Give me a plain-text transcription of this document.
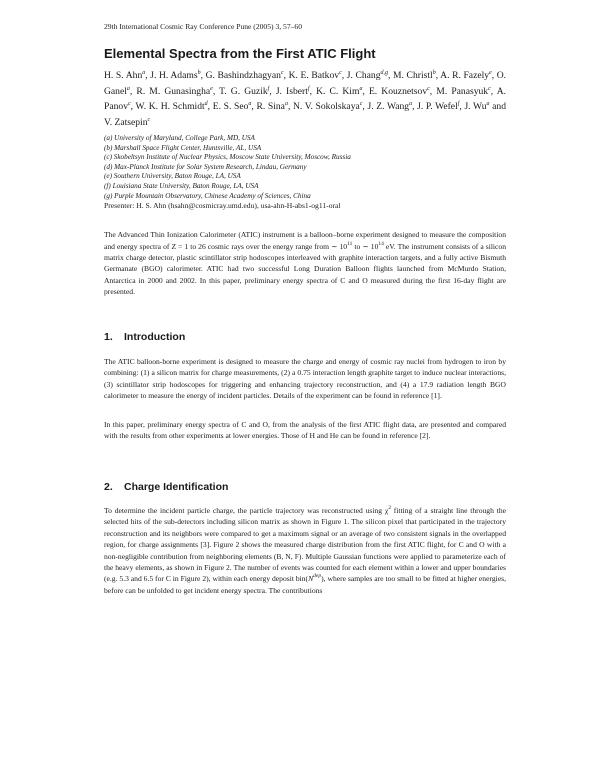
29th International Cosmic Ray Conference Pune (2005) 3, 57–60

Elemental Spectra from the First ATIC Flight

H. S. Ahn$^a$, J. H. Adams$^b$, G. Bashindzhagyan$^c$, K. E. Batkov$^c$, J. Chang$^{d,g}$, M. Christl$^b$, A. R. Fazely$^e$, O. Ganel$^a$, R. M. Gunasingha$^e$, T. G. Guzik$^f$, J. Isbert$^f$, K. C. Kim$^a$, E. Kouznetsov$^c$, M. Panasyuk$^c$, A. Panov$^c$, W. K. H. Schmidt$^d$, E. S. Seo$^a$, R. Sina$^a$, N. V. Sokolskaya$^c$, J. Z. Wang$^a$, J. P. Wefel$^f$, J. Wu$^a$ and V. Zatsepin$^c$

(a) University of Maryland, College Park, MD, USA

(b) Marshall Space Flight Center, Huntsville, AL, USA

(c) Skobeltsyn Institute of Nuclear Physics, Moscow State University, Moscow, Russia

(d) Max-Planck Institute for Solar System Research, Lindau, Germany

(e) Southern University, Baton Rouge, LA, USA

(f) Louisiana State University, Baton Rouge, LA, USA

(g) Purple Mountain Observatory, Chinese Academy of Sciences, China

Presenter: H. S. Ahn (hsahn@cosmicray.umd.edu), usa-ahn-H-abs1-og11-oral

The Advanced Thin Ionization Calorimeter (ATIC) instrument is a balloon–borne experiment designed to measure the composition and energy spectra of Z = 1 to 26 cosmic rays over the energy range from ∼ $10^{11}$ to ∼ $10^{14}$ eV. The instrument consists of a silicon matrix charge detector, plastic scintillator strip hodoscopes interleaved with graphite interaction targets, and a fully active Bismuth Germanate (BGO) calorimeter. ATIC had two successful Long Duration Balloon flights launched from McMurdo Station, Antarctica in 2000 and 2002. In this paper, preliminary energy spectra of C and O measured during the first 16-day flight are presented.

1. Introduction

The ATIC balloon-borne experiment is designed to measure the charge and energy of cosmic ray nuclei from hydrogen to iron by combining: (1) a silicon matrix for charge measurements, (2) a 0.75 interaction length graphite target to induce nuclear interactions, (3) scintillator strip hodoscopes for triggering and enhancing trajectory reconstruction, and (4) a 17.9 radiation length BGO calorimeter to measure the energy of incident particles. Details of the experiment can be found in reference [1].

In this paper, preliminary energy spectra of C and O, from the analysis of the first ATIC flight data, are presented and compared with the results from other experiments at lower energies. Those of H and He can be found in reference [2].

2. Charge Identification

To determine the incident particle charge, the particle trajectory was reconstructed using $\chi^2$ fitting of a straight line through the selected hits of the sub-detectors including silicon matrix as shown in Figure 1. The silicon pixel that participated in the trajectory reconstruction and its neighbors were compared to get a maximum signal or an average of two consistent signals in the overlapped region, for charge assignments [3]. Figure 2 shows the measured charge distribution from the first ATIC flight, for C and O with a non-negligible contribution from neighboring elements (B, N, F). Multiple Gaussian functions were applied to parameterize each of the heavy elements, as shown in Figure 2. The number of events was counted for each element within a lower and upper boundaries (e.g. 5.3 and 6.5 for C in Figure 2), within each energy deposit $bin(N^{dep})$, where samples are too small to be fitted at higher energies, before can be unfolded to get incident energy spectra. The contributions
